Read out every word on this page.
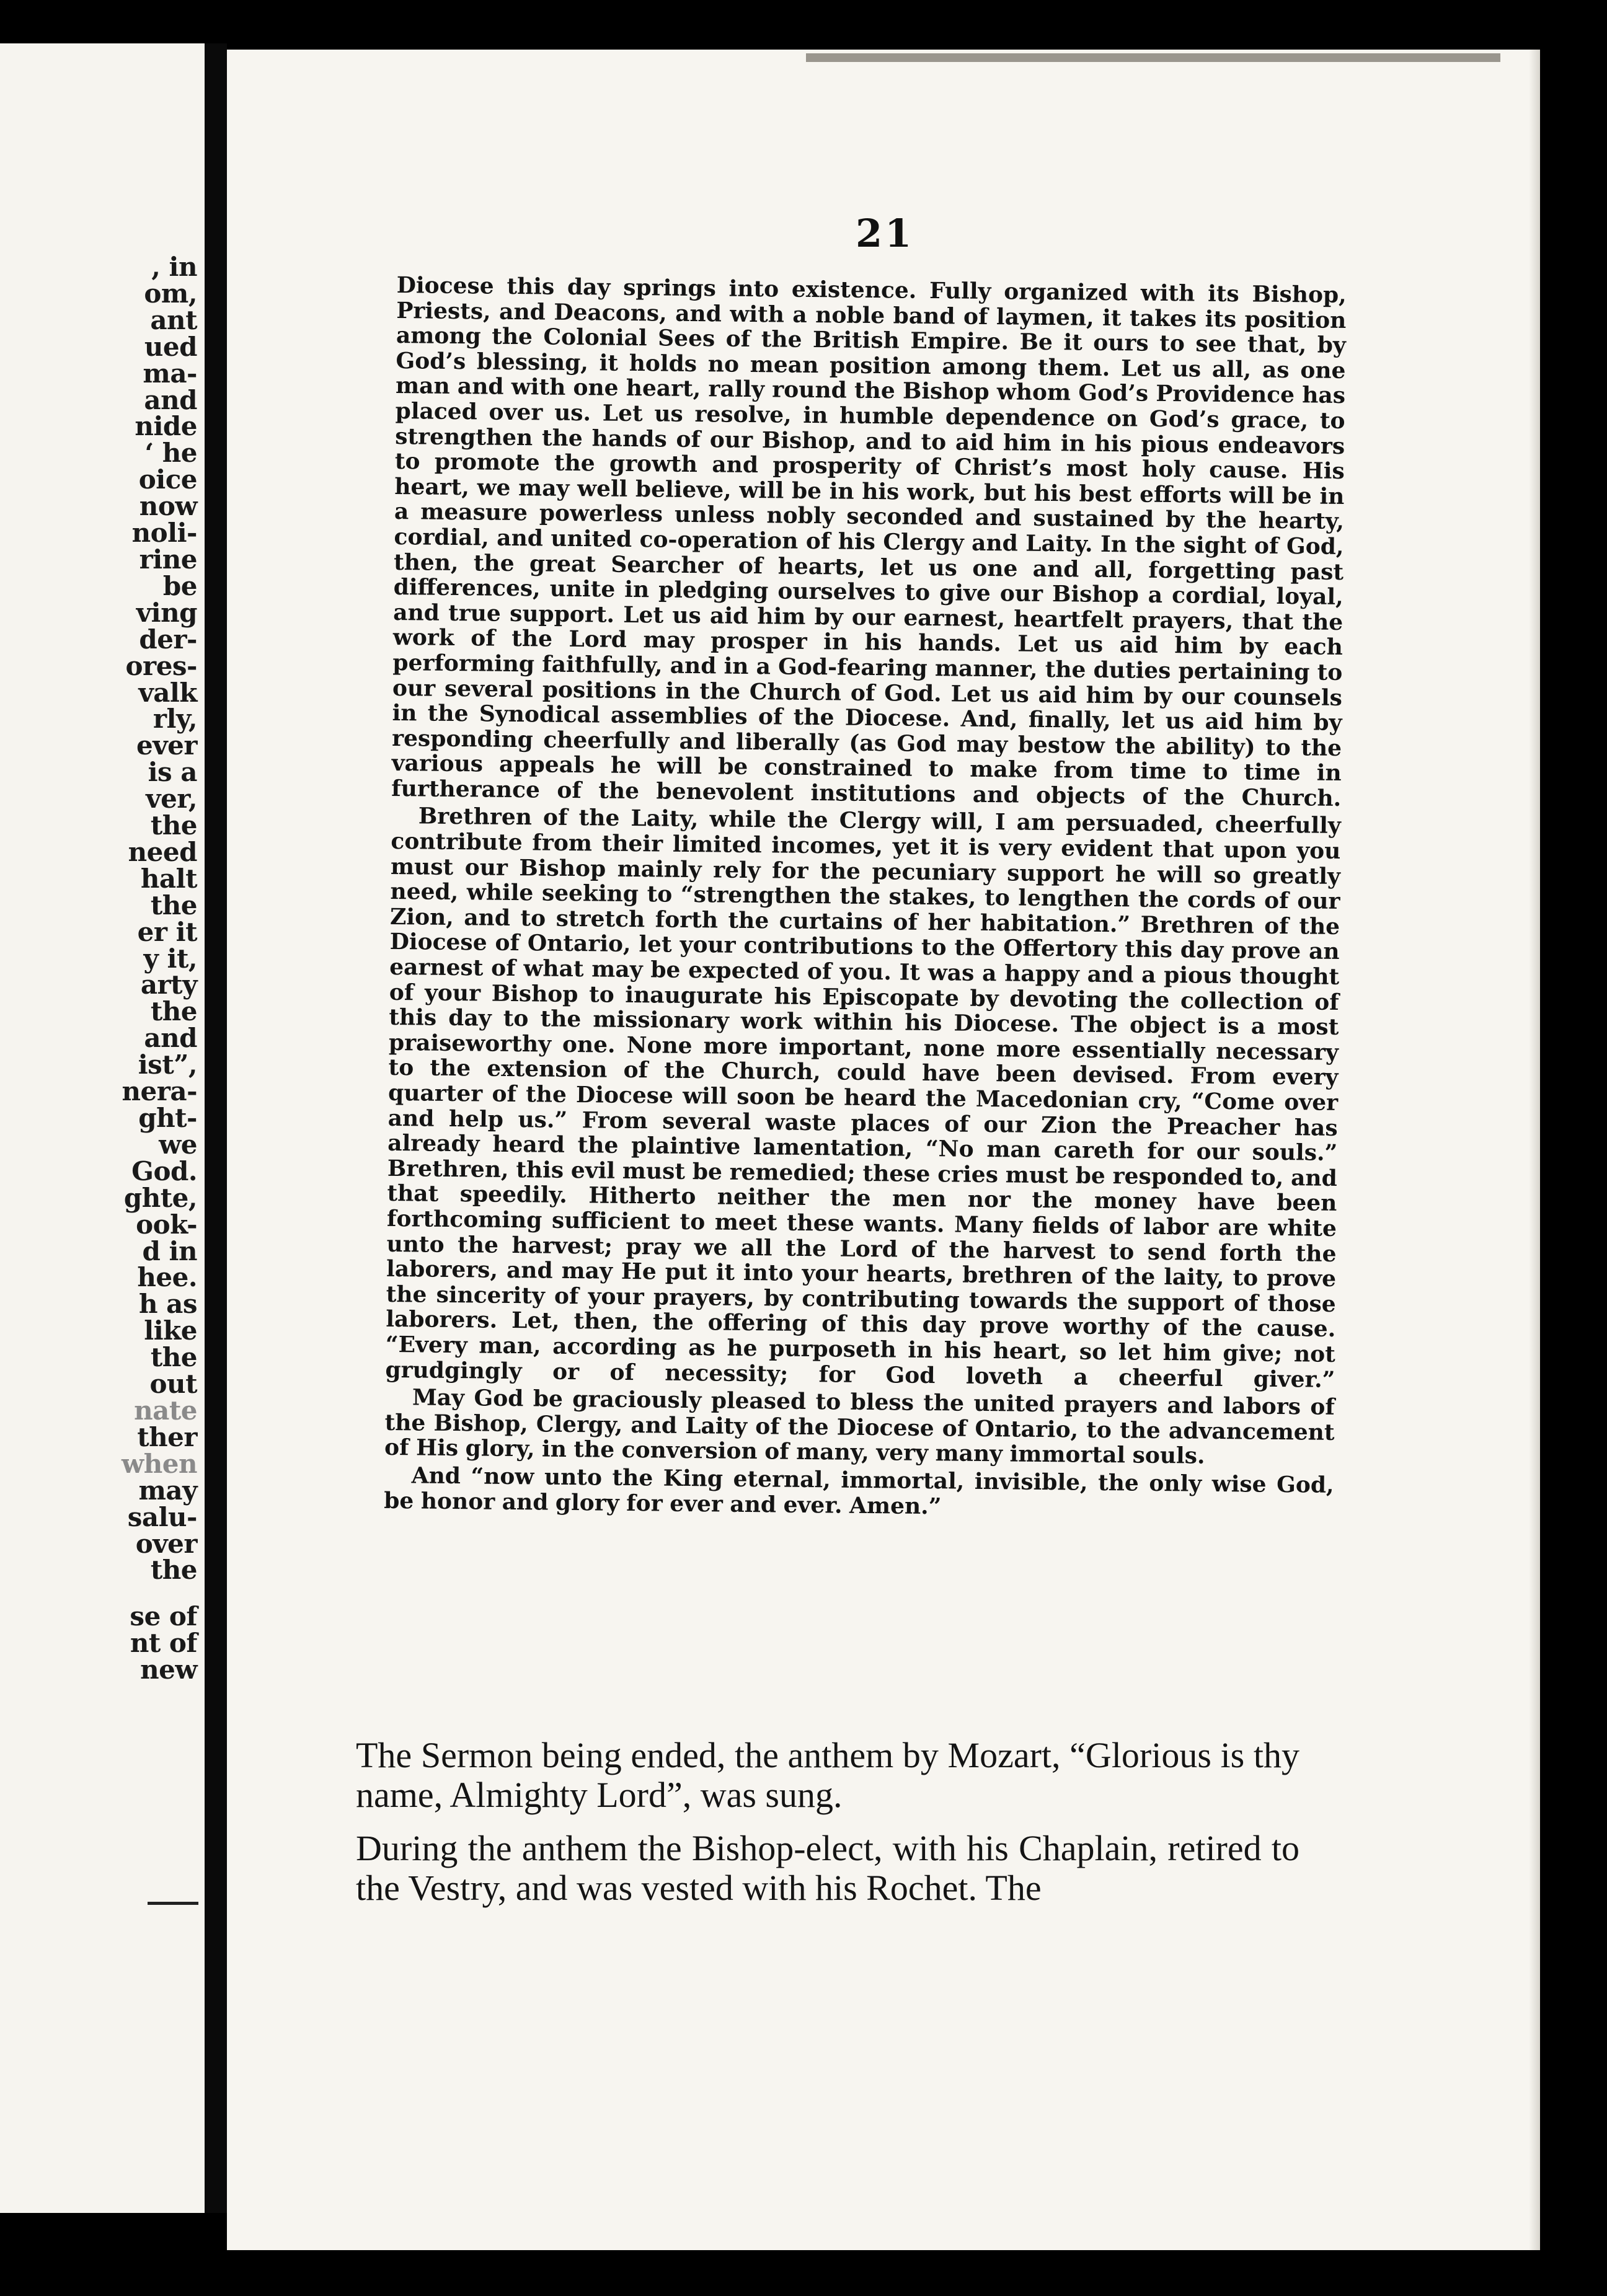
, in
om,
ant
ued
ma-
and
nide
‘ he
oice
now
noli-
rine
be
ving
der-
ores-
valk
rly,
ever
is a
ver,
the
need
halt
the
er it
y it,
arty
the
and
ist”,
nera-
ght-
we
God.
ghte,
ook-
d in
hee.
h as
like
the
out
nate
ther
when
may
salu-
over
the
se of
nt of
new
21

Diocese this day springs into existence. Fully organized with its Bishop, Priests, and Deacons, and with a noble band of laymen, it takes its position among the Colonial Sees of the British Empire. Be it ours to see that, by God’s blessing, it holds no mean position among them. Let us all, as one man and with one heart, rally round the Bishop whom God’s Providence has placed over us. Let us resolve, in humble dependence on God’s grace, to strengthen the hands of our Bishop, and to aid him in his pious endeavors to promote the growth and prosperity of Christ’s most holy cause. His heart, we may well believe, will be in his work, but his best efforts will be in a measure powerless unless nobly seconded and sustained by the hearty, cordial, and united co-operation of his Clergy and Laity. In the sight of God, then, the great Searcher of hearts, let us one and all, forgetting past differences, unite in pledging ourselves to give our Bishop a cordial, loyal, and true support. Let us aid him by our earnest, heartfelt prayers, that the work of the Lord may prosper in his hands. Let us aid him by each performing faithfully, and in a God-fearing manner, the duties pertaining to our several positions in the Church of God. Let us aid him by our counsels in the Synodical assemblies of the Diocese. And, finally, let us aid him by responding cheerfully and liberally (as God may bestow the ability) to the various appeals he will be constrained to make from time to time in furtherance of the benevolent institutions and objects of the Church.

Brethren of the Laity, while the Clergy will, I am persuaded, cheerfully contribute from their limited incomes, yet it is very evident that upon you must our Bishop mainly rely for the pecuniary support he will so greatly need, while seeking to “strengthen the stakes, to lengthen the cords of our Zion, and to stretch forth the curtains of her habitation.” Brethren of the Diocese of Ontario, let your contributions to the Offertory this day prove an earnest of what may be expected of you. It was a happy and a pious thought of your Bishop to inaugurate his Episcopate by devoting the collection of this day to the missionary work within his Diocese. The object is a most praiseworthy one. None more important, none more essentially necessary to the extension of the Church, could have been devised. From every quarter of the Diocese will soon be heard the Macedonian cry, “Come over and help us.” From several waste places of our Zion the Preacher has already heard the plaintive lamentation, “No man careth for our souls.” Brethren, this evil must be remedied; these cries must be responded to, and that speedily. Hitherto neither the men nor the money have been forthcoming sufficient to meet these wants. Many fields of labor are white unto the harvest; pray we all the Lord of the harvest to send forth the laborers, and may He put it into your hearts, brethren of the laity, to prove the sincerity of your prayers, by contributing towards the support of those laborers. Let, then, the offering of this day prove worthy of the cause. “Every man, according as he purposeth in his heart, so let him give; not grudgingly or of necessity; for God loveth a cheerful giver.”

May God be graciously pleased to bless the united prayers and labors of the Bishop, Clergy, and Laity of the Diocese of Ontario, to the advancement of His glory, in the conversion of many, very many immortal souls.

And “now unto the King eternal, immortal, invisible, the only wise God, be honor and glory for ever and ever. Amen.”

The Sermon being ended, the anthem by Mozart, “Glorious is thy name, Almighty Lord”, was sung.

During the anthem the Bishop-elect, with his Chaplain, retired to the Vestry, and was vested with his Rochet. The
